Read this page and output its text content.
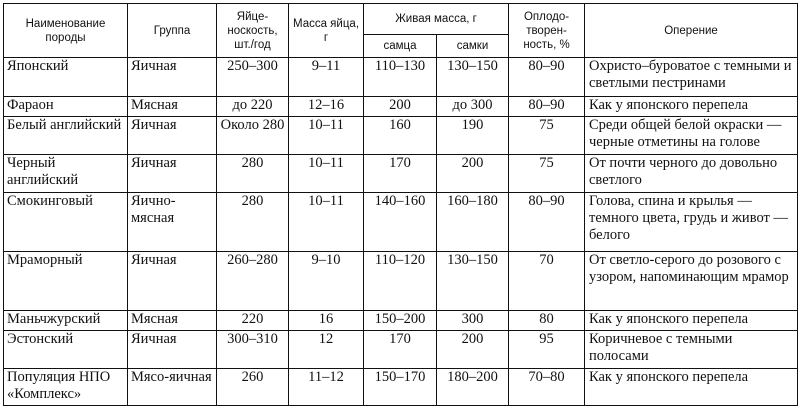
Наименование породы	Группа	Яйце-носкость, шт./год	Масса яйца, г	Живая масса, г		Оплодо-творен-ность, %	Оперение
				самца	самки		
Японский	Яичная	250–300	9–11	110–130	130–150	80–90	Охристо–буроватое с темными и светлыми пестринами
Фараон	Мясная	до 220	12–16	200	до 300	80–90	Как у японского перепела
Белый английский	Яичная	Около 280	10–11	160	190	75	Среди общей белой окраски — черные отметины на голове
Черный английский	Яичная	280	10–11	170	200	75	От почти черного до довольно светлого
Смокинговый	Яично-мясная	280	10–11	140–160	160–180	80–90	Голова, спина и крылья — темного цвета, грудь и живот — белого
Мраморный	Яичная	260–280	9–10	110–120	130–150	70	От светло-серого до розового с узором, напоминающим мрамор
Маньчжурский	Мясная	220	16	150–200	300	80	Как у японского перепела
Эстонский	Яичная	300–310	12	170	200	95	Коричневое с темными полосами
Популяция НПО «Комплекс»	Мясо-яичная	260	11–12	150–170	180–200	70–80	Как у японского перепела
